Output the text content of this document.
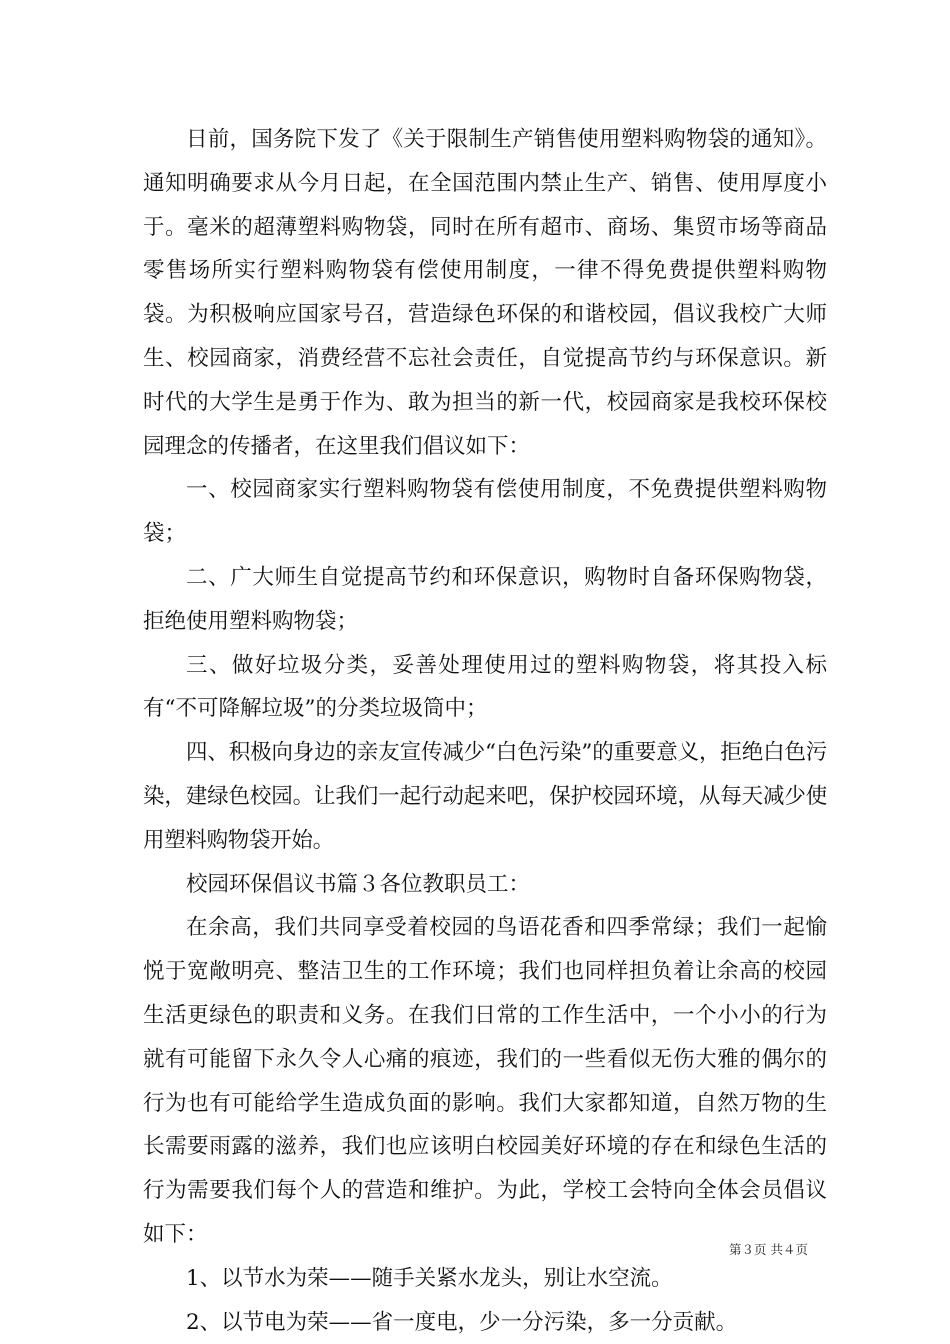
日前，国务院下发了《关于限制生产销售使用塑料购物袋的通知》。通知明确要求从今月日起，在全国范围内禁止生产、销售、使用厚度小于。毫米的超薄塑料购物袋，同时在所有超市、商场、集贸市场等商品零售场所实行塑料购物袋有偿使用制度，一律不得免费提供塑料购物袋。为积极响应国家号召，营造绿色环保的和谐校园，倡议我校广大师生、校园商家，消费经营不忘社会责任，自觉提高节约与环保意识。新时代的大学生是勇于作为、敢为担当的新一代，校园商家是我校环保校园理念的传播者，在这里我们倡议如下：

一、校园商家实行塑料购物袋有偿使用制度，不免费提供塑料购物袋；

二、广大师生自觉提高节约和环保意识，购物时自备环保购物袋，拒绝使用塑料购物袋；

三、做好垃圾分类，妥善处理使用过的塑料购物袋，将其投入标有“不可降解垃圾”的分类垃圾筒中；

四、积极向身边的亲友宣传减少“白色污染”的重要意义，拒绝白色污染，建绿色校园。让我们一起行动起来吧，保护校园环境，从每天减少使用塑料购物袋开始。

校园环保倡议书篇３各位教职员工：

在余高，我们共同享受着校园的鸟语花香和四季常绿；我们一起愉悦于宽敞明亮、整洁卫生的工作环境；我们也同样担负着让余高的校园生活更绿色的职责和义务。在我们日常的工作生活中，一个小小的行为就有可能留下永久令人心痛的痕迹，我们的一些看似无伤大雅的偶尔的行为也有可能给学生造成负面的影响。我们大家都知道，自然万物的生长需要雨露的滋养，我们也应该明白校园美好环境的存在和绿色生活的行为需要我们每个人的营造和维护。为此，学校工会特向全体会员倡议如下：

1、以节水为荣——随手关紧水龙头，别让水空流。

2、以节电为荣——省一度电，少一分污染，多一分贡献。

第３页 共４页
